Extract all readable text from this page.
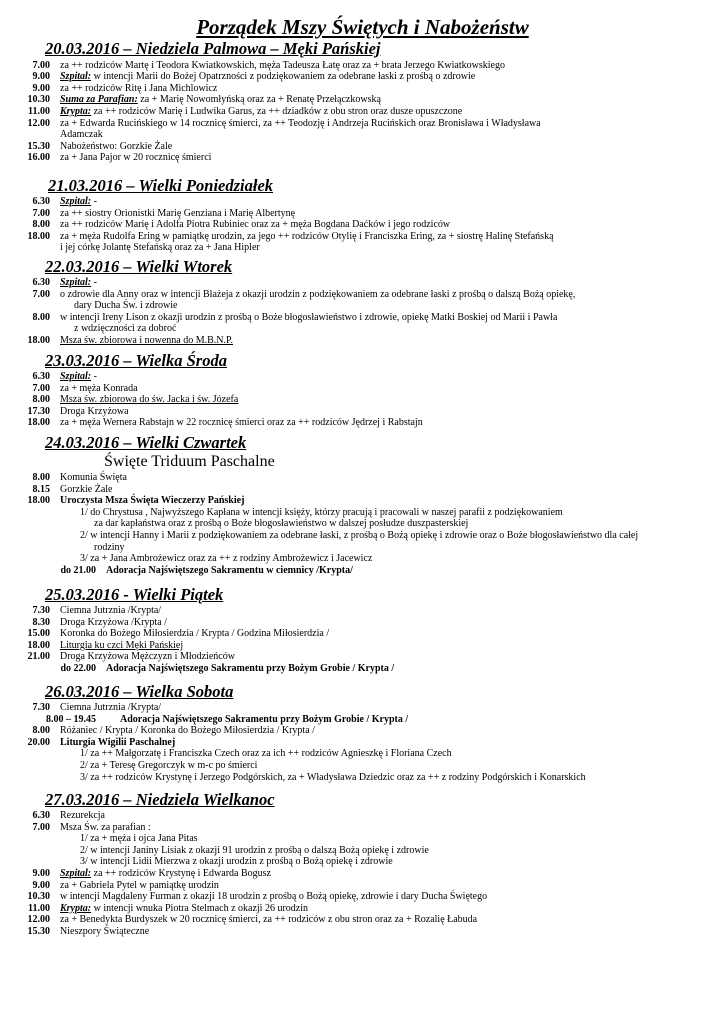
Porządek Mszy Świętych i Nabożeństw
20.03.2016 – Niedziela Palmowa – Męki Pańskiej
7.00 za ++ rodziców Martę i Teodora Kwiatkowskich, męża Tadeusza Łatę oraz za + brata Jerzego Kwiatkowskiego
9.00 Szpital: w intencji Marii do Bożej Opatrzności z podziękowaniem za odebrane łaski z prośbą o zdrowie
9.00 za ++ rodziców Ritę i Jana Michlowicz
10.30 Suma za Parafian: za + Marię Nowomłyńską oraz za + Renatę Przełączkowską
11.00 Krypta: za ++ rodziców Marię i Ludwika Garus, za ++ dziadków z obu stron oraz dusze opuszczone
12.00 za + Edwarda Rucińskiego w 14 rocznicę śmierci, za ++ Teodozję i Andrzeja Rucińskich oraz Bronisława i Władysława
Adamczak
15.30 Nabożeństwo: Gorzkie Żale
16.00 za + Jana Pajor w 20 rocznicę śmierci
21.03.2016 – Wielki Poniedziałek
6.30 Szpital: -
7.00 za ++ siostry Orionistki Marię Genziana i Marię Albertynę
8.00 za ++ rodziców Marię i Adolfa Piotra Rubiniec oraz za + męża Bogdana Daćków i jego rodziców
18.00 za + męża Rudolfa Ering w pamiątkę urodzin, za jego ++ rodziców Otylię i Franciszka Ering, za + siostrę Halinę Stefańską
i jej córkę Jolantę Stefańską oraz za + Jana Hipler
22.03.2016 – Wielki Wtorek
6.30 Szpital: -
7.00 o zdrowie dla Anny oraz w intencji Błażeja z okazji urodzin z podziękowaniem za odebrane łaski z prośbą o dalszą Bożą opiekę,
dary Ducha Św. i zdrowie
8.00 w intencji Ireny Lison z okazji urodzin z prośbą o Boże błogosławieństwo i zdrowie, opiekę Matki Boskiej od Marii i Pawła
z wdzięczności za dobroć
18.00 Msza św. zbiorowa i nowenna do M.B.N.P.
23.03.2016 – Wielka Środa
6.30 Szpital: -
7.00 za + męża Konrada
8.00 Msza św. zbiorowa do św. Jacka i św. Józefa
17.30 Droga Krzyżowa
18.00 za + męża Wernera Rabstajn w 22 rocznicę śmierci oraz za ++ rodziców Jędrzej i Rabstajn
24.03.2016 – Wielki Czwartek
Święte Triduum Paschalne
8.00 Komunia Święta
8.15 Gorzkie Żale
18.00 Uroczysta Msza Święta Wieczerzy Pańskiej
1/ do Chrystusa , Najwyższego Kapłana w intencji księży, którzy pracują i pracowali w naszej parafii z podziękowaniem
za dar kapłaństwa oraz z prośbą o Boże błogosławieństwo w dalszej posłudze duszpasterskiej
2/ w intencji Hanny i Marii z podziękowaniem za odebrane łaski, z prośbą o Bożą opiekę i zdrowie oraz o Boże błogosławieństwo dla całej
rodziny
3/ za + Jana Ambrożewicz oraz za ++ z rodziny Ambrożewicz i Jacewicz
do 21.00 Adoracja Najświętszego Sakramentu w ciemnicy /Krypta/
25.03.2016 - Wielki Piątek
7.30 Ciemna Jutrznia /Krypta/
8.30 Droga Krzyżowa /Krypta /
15.00 Koronka do Bożego Miłosierdzia / Krypta / Godzina Miłosierdzia /
18.00 Liturgia ku czci Męki Pańskiej
21.00 Droga Krzyżowa Mężczyzn i Młodzieńców
do 22.00 Adoracja Najświętszego Sakramentu przy Bożym Grobie / Krypta /
26.03.2016 – Wielka Sobota
7.30 Ciemna Jutrznia /Krypta/
8.00 – 19.45 Adoracja Najświętszego Sakramentu przy Bożym Grobie / Krypta /
8.00 Różaniec / Krypta / Koronka do Bożego Miłosierdzia / Krypta /
20.00 Liturgia Wigilii Paschalnej
1/ za ++ Małgorzatę i Franciszka Czech oraz za ich ++ rodziców Agnieszkę i Floriana Czech
2/ za + Teresę Gregorczyk w m-c po śmierci
3/ za ++ rodziców Krystynę i Jerzego Podgórskich, za + Władysława Dziedzic oraz za ++ z rodziny Podgórskich i Konarskich
27.03.2016 – Niedziela Wielkanoc
6.30 Rezurekcja
7.00 Msza Św. za parafian :
1/ za + męża i ojca Jana Pitas
2/ w intencji Janiny Lisiak z okazji 91 urodzin z prośbą o dalszą Bożą opiekę i zdrowie
3/ w intencji Lidii Mierzwa z okazji urodzin z prośbą o Bożą opiekę i zdrowie
9.00 Szpital: za ++ rodziców Krystynę i Edwarda Bogusz
9.00 za + Gabriela Pytel w pamiątkę urodzin
10.30 w intencji Magdaleny Furman z okazji 18 urodzin z prośbą o Bożą opiekę, zdrowie i dary Ducha Świętego
11.00 Krypta: w intencji wnuka Piotra Stelmach z okazji 26 urodzin
12.00 za + Benedykta Burdyszek w 20 rocznicę śmierci, za ++ rodziców z obu stron oraz za + Rozalię Łabuda
15.30 Nieszpory Świąteczne
